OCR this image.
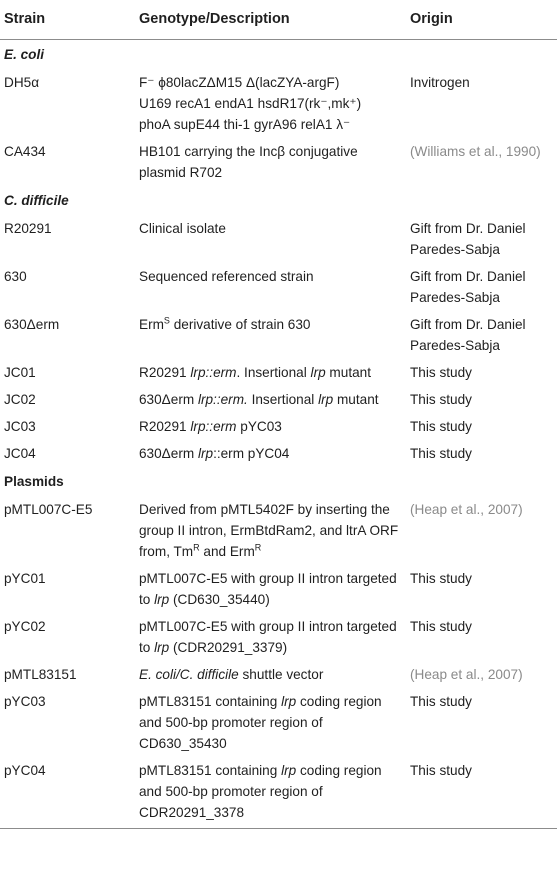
Strain	Genotype/Description	Origin
E. coli		
DH5α	F⁻ ϕ80lacZΔM15 Δ(lacZYA-argF)
U169 recA1 endA1 hsdR17(rk⁻,mk⁺)
phoA supE44 thi-1 gyrA96 relA1 λ⁻	Invitrogen
CA434	HB101 carrying the Incβ conjugative plasmid R702	(Williams et al., 1990)
C. difficile		
R20291	Clinical isolate	Gift from Dr. Daniel Paredes-Sabja
630	Sequenced referenced strain	Gift from Dr. Daniel Paredes-Sabja
630Δerm	Erm$^S$ derivative of strain 630	Gift from Dr. Daniel Paredes-Sabja
JC01	R20291 lrp::erm. Insertional lrp mutant	This study
JC02	630Δerm lrp::erm. Insertional lrp mutant	This study
JC03	R20291 lrp::erm pYC03	This study
JC04	630Δerm lrp::erm pYC04	This study
Plasmids		
pMTL007C-E5	Derived from pMTL5402F by inserting the group II intron, ErmBtdRam2, and ltrA ORF from, $Tm^R$ and Erm$^R$	(Heap et al., 2007)
pYC01	pMTL007C-E5 with group II intron targeted to lrp (CD630_35440)	This study
pYC02	pMTL007C-E5 with group II intron targeted to lrp (CDR20291_3379)	This study
pMTL83151	E. coli/C. difficile shuttle vector	(Heap et al., 2007)
pYC03	pMTL83151 containing lrp coding region and 500-bp promoter region of CD630_35430	This study
pYC04	pMTL83151 containing lrp coding region and 500-bp promoter region of CDR20291_3378	This study
